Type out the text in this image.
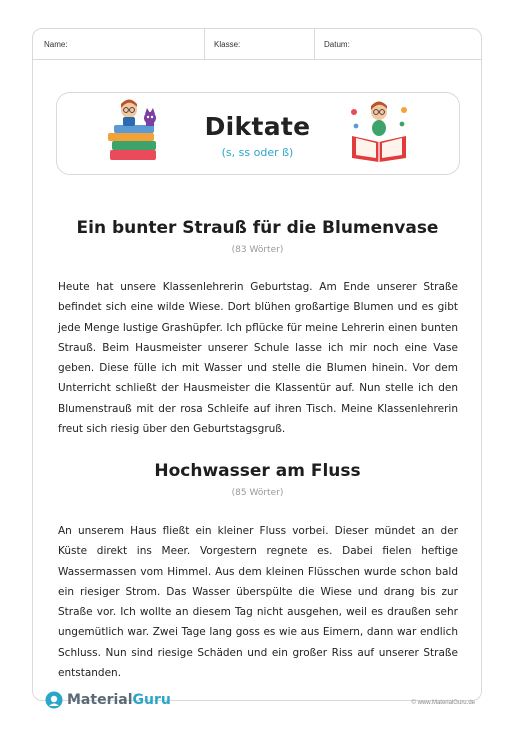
Name:	Klasse:	Datum:
Diktate
(s, ss oder ß)
Ein bunter Strauß für die Blumenvase
(83 Wörter)

Heute hat unsere Klassenlehrerin Geburtstag. Am Ende unserer Straße befindet sich eine wilde Wiese. Dort blühen großartige Blumen und es gibt jede Menge lustige Grashüpfer. Ich pflücke für meine Lehrerin einen bunten Strauß. Beim Hausmeister unserer Schule lasse ich mir noch eine Vase geben. Diese fülle ich mit Wasser und stelle die Blumen hinein. Vor dem Unterricht schließt der Hausmeister die Klassentür auf. Nun stelle ich den Blumenstrauß mit der rosa Schleife auf ihren Tisch. Meine Klassenlehrerin freut sich riesig über den Geburtstagsgruß.

Hochwasser am Fluss
(85 Wörter)

An unserem Haus fließt ein kleiner Fluss vorbei. Dieser mündet an der Küste direkt ins Meer. Vorgestern regnete es. Dabei fielen heftige Wassermassen vom Himmel. Aus dem kleinen Flüsschen wurde schon bald ein riesiger Strom. Das Wasser überspülte die Wiese und drang bis zur Straße vor. Ich wollte an diesem Tag nicht ausgehen, weil es draußen sehr ungemütlich war. Zwei Tage lang goss es wie aus Eimern, dann war endlich Schluss. Nun sind riesige Schäden und ein großer Riss auf unserer Straße entstanden.

Material Guru	© www.MaterialGuru.de
